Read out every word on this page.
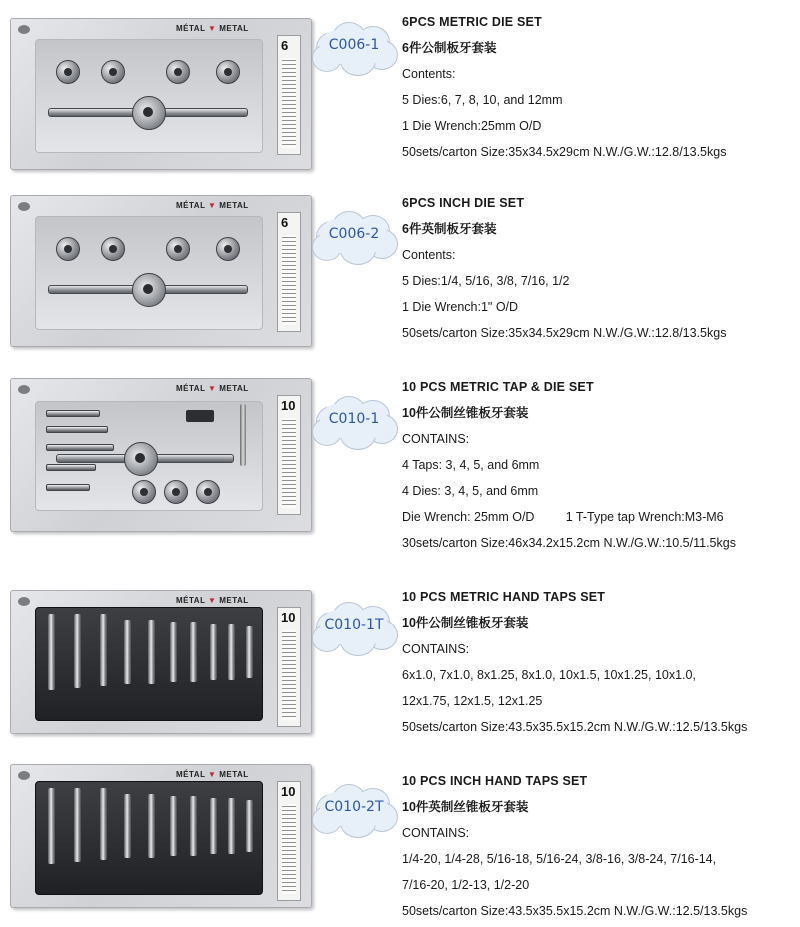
MÉTAL ▼ METAL
6	C006-1
6PCS METRIC DIE SET
6件公制板牙套装
Contents:
5 Dies:6, 7, 8, 10, and 12mm
1 Die Wrench:25mm O/D
50sets/carton Size:35x34.5x29cm N.W./G.W.:12.8/13.5kgs
MÉTAL ▼ METAL
6
C006-2
6PCS INCH DIE SET
6件英制板牙套装
Contents:
5 Dies:1/4, 5/16, 3/8, 7/16, 1/2
1 Die Wrench:1" O/D
50sets/carton Size:35x34.5x29cm N.W./G.W.:12.8/13.5kgs
MÉTAL ▼ METAL
10
C010-1
10 PCS METRIC TAP & DIE SET
10件公制丝锥板牙套装
CONTAINS:
4 Taps: 3, 4, 5, and 6mm
4 Dies: 3, 4, 5, and 6mm
Die Wrench: 25mm O/D         1 T-Type tap Wrench:M3-M6
30sets/carton Size:46x34.2x15.2cm N.W./G.W.:10.5/11.5kgs
MÉTAL ▼ METAL
10	C010-1T
10 PCS METRIC HAND TAPS SET
10件公制丝锥板牙套装
CONTAINS:
6x1.0, 7x1.0, 8x1.25, 8x1.0, 10x1.5, 10x1.25, 10x1.0,
12x1.75, 12x1.5, 12x1.25
50sets/carton Size:43.5x35.5x15.2cm N.W./G.W.:12.5/13.5kgs
MÉTAL ▼ METAL
10
C010-2T
10 PCS INCH HAND TAPS SET
10件英制丝锥板牙套装
CONTAINS:
1/4-20, 1/4-28, 5/16-18, 5/16-24, 3/8-16, 3/8-24, 7/16-14,
7/16-20, 1/2-13, 1/2-20
50sets/carton Size:43.5x35.5x15.2cm N.W./G.W.:12.5/13.5kgs
